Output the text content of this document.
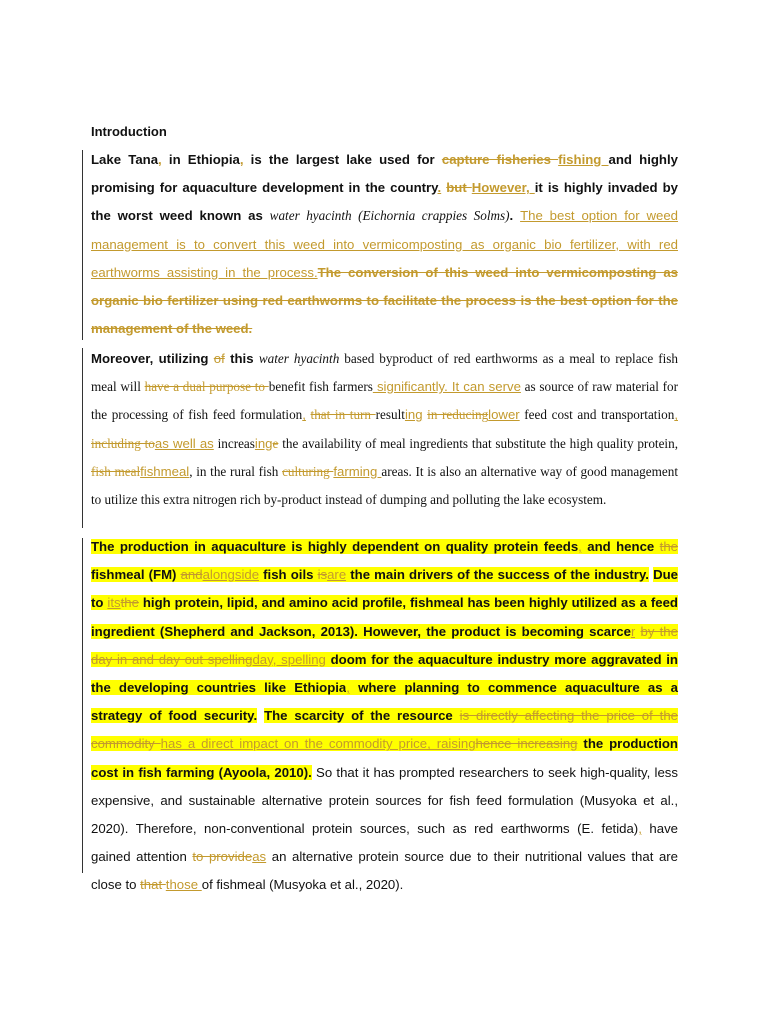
Introduction
Lake Tana, in Ethiopia, is the largest lake used for capture fisheries fishing and highly promising for aquaculture development in the country. but However, it is highly invaded by the worst weed known as water hyacinth (Eichornia crappies Solms). The best option for weed management is to convert this weed into vermicomposting as organic bio fertilizer, with red earthworms assisting in the process.The conversion of this weed into vermicomposting as organic bio fertilizer using red earthworms to facilitate the process is the best option for the management of the weed.
Moreover, utilizing of this water hyacinth based byproduct of red earthworms as a meal to replace fish meal will have a dual purpose to benefit fish farmers significantly. It can serve as source of raw material for the processing of fish feed formulation, that in turn resulting in reducinglower feed cost and transportation, including toas well as increasinge the availability of meal ingredients that substitute the high quality protein, fish mealfishmeal, in the rural fish culturing farming areas. It is also an alternative way of good management to utilize this extra nitrogen rich by-product instead of dumping and polluting the lake ecosystem.
The production in aquaculture is highly dependent on quality protein feeds, and hence the fishmeal (FM) andalongside fish oils isare the main drivers of the success of the industry. Due to itsthe high protein, lipid, and amino acid profile, fishmeal has been highly utilized as a feed ingredient (Shepherd and Jackson, 2013). However, the product is becoming scarcer by the day in and day out spellingday, spelling doom for the aquaculture industry more aggravated in the developing countries like Ethiopia, where planning to commence aquaculture as a strategy of food security. The scarcity of the resource is directly affecting the price of the commodity has a direct impact on the commodity price, raisinghence increasing the production cost in fish farming (Ayoola, 2010). So that it has prompted researchers to seek high-quality, less expensive, and sustainable alternative protein sources for fish feed formulation (Musyoka et al., 2020). Therefore, non-conventional protein sources, such as red earthworms (E. fetida), have gained attention to provideas an alternative protein source due to their nutritional values that are close to that those of fishmeal (Musyoka et al., 2020).
